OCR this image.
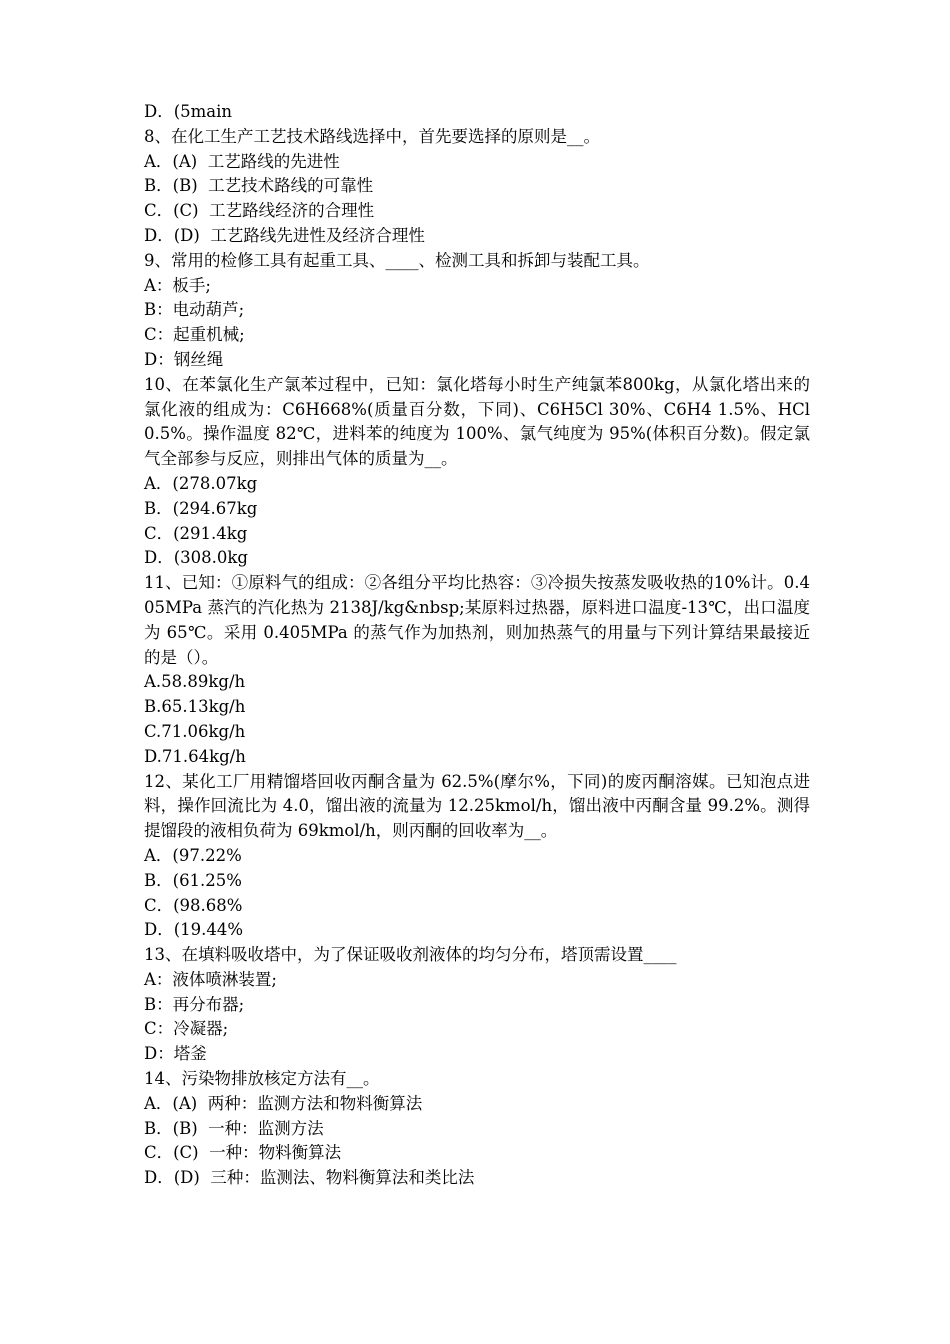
D．(5main
8、在化工生产工艺技术路线选择中，首先要选择的原则是__。
A．(A)  工艺路线的先进性
B．(B)  工艺技术路线的可靠性
C．(C)  工艺路线经济的合理性
D．(D)  工艺路线先进性及经济合理性
9、常用的检修工具有起重工具、____、检测工具和拆卸与装配工具。
A：板手;
B：电动葫芦;
C：起重机械;
D：钢丝绳
10、在苯氯化生产氯苯过程中，已知：氯化塔每小时生产纯氯苯800kg，从氯化塔出来的氯化液的组成为：C6H668%(质量百分数，下同)、C6H5Cl 30%、C6H4 1.5%、HCl 0.5%。操作温度 82℃，进料苯的纯度为 100%、氯气纯度为 95%(体积百分数)。假定氯气全部参与反应，则排出气体的质量为__。
A．(278.07kg
B．(294.67kg
C．(291.4kg
D．(308.0kg
11、已知：①原料气的组成：②各组分平均比热容：③冷损失按蒸发吸收热的10%计。0.405MPa 蒸汽的汽化热为 2138J/kg&nbsp;某原料过热器，原料进口温度-13℃，出口温度为 65℃。采用 0.405MPa 的蒸气作为加热剂，则加热蒸气的用量与下列计算结果最接近的是（）。
A.58.89kg/h
B.65.13kg/h
C.71.06kg/h
D.71.64kg/h
12、某化工厂用精馏塔回收丙酮含量为 62.5%(摩尔%，下同)的废丙酮溶媒。已知泡点进料，操作回流比为 4.0，馏出液的流量为 12.25kmol/h，馏出液中丙酮含量 99.2%。测得提馏段的液相负荷为 69kmol/h，则丙酮的回收率为__。
A．(97.22%
B．(61.25%
C．(98.68%
D．(19.44%
13、在填料吸收塔中，为了保证吸收剂液体的均匀分布，塔顶需设置____
A：液体喷淋装置;
B：再分布器;
C：冷凝器;
D：塔釜
14、污染物排放核定方法有__。
A．(A)  两种：监测方法和物料衡算法
B．(B)  一种：监测方法
C．(C)  一种：物料衡算法
D．(D)  三种：监测法、物料衡算法和类比法
